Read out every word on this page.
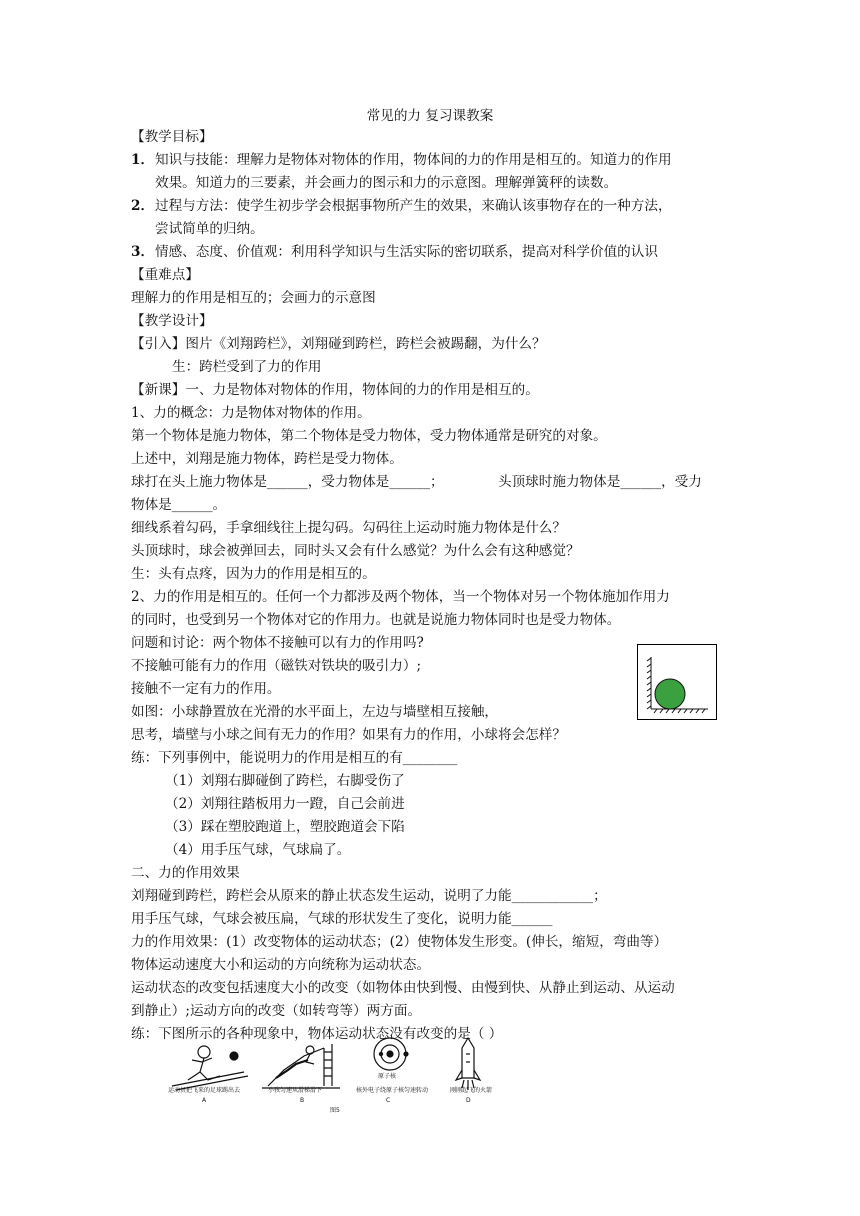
常见的力 复习课教案
【教学目标】
1．知识与技能：理解力是物体对物体的作用，物体间的力的作用是相互的。知道力的作用
效果。知道力的三要素，并会画力的图示和力的示意图。理解弹簧秤的读数。
2．过程与方法：使学生初步学会根据事物所产生的效果，来确认该事物存在的一种方法，
尝试简单的归纳。
3．情感、态度、价值观：利用科学知识与生活实际的密切联系，提高对科学价值的认识
【重难点】
理解力的作用是相互的；会画力的示意图
【教学设计】
【引入】图片《刘翔跨栏》，刘翔碰到跨栏，跨栏会被踢翻，为什么？
生：跨栏受到了力的作用
【新课】一、力是物体对物体的作用，物体间的力的作用是相互的。
1、力的概念：力是物体对物体的作用。
第一个物体是施力物体，第二个物体是受力物体，受力物体通常是研究的对象。
上述中，刘翔是施力物体，跨栏是受力物体。
球打在头上施力物体是______，受力物体是______；	头顶球时施力物体是______，受力
物体是______。
细线系着勾码，手拿细线往上提勾码。勾码往上运动时施力物体是什么？
头顶球时，球会被弹回去，同时头又会有什么感觉？为什么会有这种感觉？
生：头有点疼，因为力的作用是相互的。
2、力的作用是相互的。任何一个力都涉及两个物体，当一个物体对另一个物体施加作用力
的同时，也受到另一个物体对它的作用力。也就是说施力物体同时也是受力物体。
问题和讨论：两个物体不接触可以有力的作用吗?
不接触可能有力的作用（磁铁对铁块的吸引力）;
接触不一定有力的作用。
如图：小球静置放在光滑的水平面上，左边与墙壁相互接触，
思考，墙壁与小球之间有无力的作用？如果有力的作用，小球将会怎样？
练：下列事例中，能说明力的作用是相互的有________
（1）刘翔右脚碰倒了跨栏，右脚受伤了
（2）刘翔往踏板用力一蹬，自己会前进
（3）踩在塑胶跑道上，塑胶跑道会下陷
（4）用手压气球，气球扁了。
二、力的作用效果
刘翔碰到跨栏，跨栏会从原来的静止状态发生运动，说明了力能____________；
用手压气球，气球会被压扁，气球的形状发生了变化，说明力能______
力的作用效果：(1）改变物体的运动状态；(2）使物体发生形变。(伸长，缩短，弯曲等）
物体运动速度大小和运动的方向统称为运动状态。
运动状态的改变包括速度大小的改变（如物体由快到慢、由慢到快、从静止到运动、从运动
到静止）;运动方向的改变（如转弯等）两方面。
练：下图所示的各种现象中，物体运动状态没有改变的是（ ）
原子核
运动员把飞来的足球踢出去	小孩匀速从滑梯滑下	核外电子绕原子核匀速转动	刚刚起飞的火箭
A	B	C	D
图5
